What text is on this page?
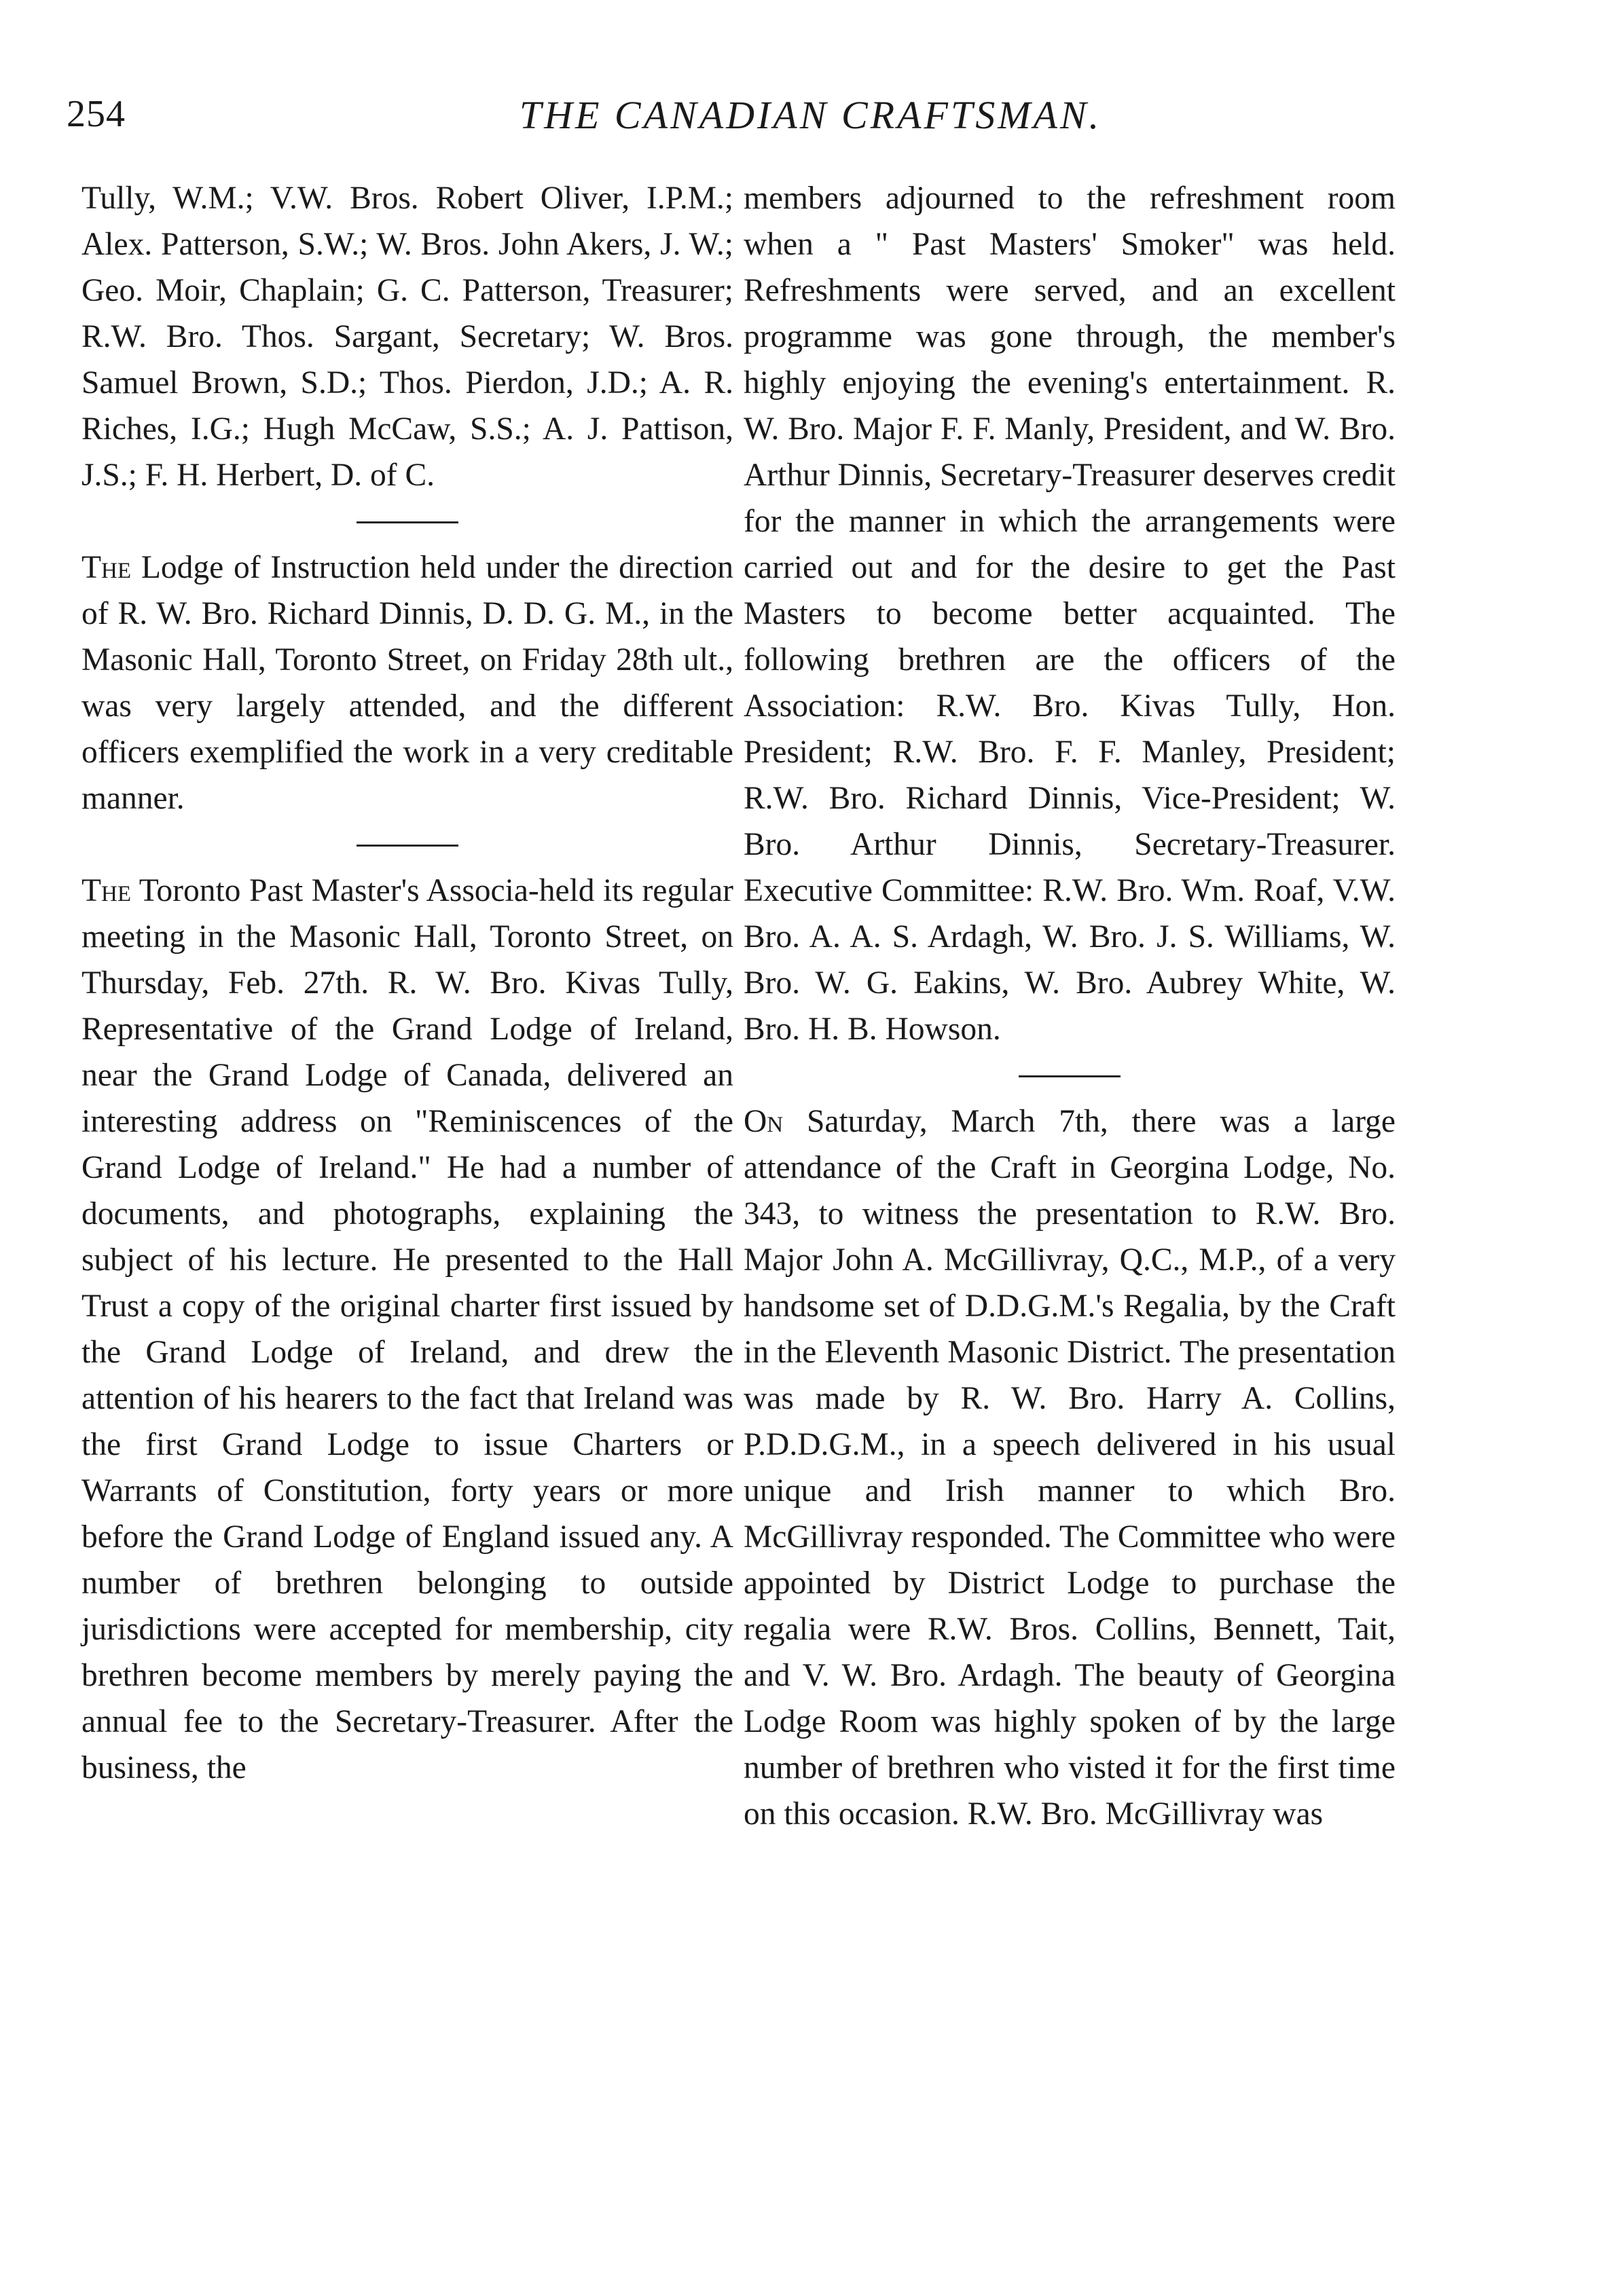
254	THE CANADIAN CRAFTSMAN.

Tully, W.M.; V.W. Bros. Robert Oliver, I.P.M.; Alex. Patterson, S.W.; W. Bros. John Akers, J. W.; Geo. Moir, Chaplain; G. C. Patterson, Treasurer; R.W. Bro. Thos. Sargant, Secretary; W. Bros. Samuel Brown, S.D.; Thos. Pierdon, J.D.; A. R. Riches, I.G.; Hugh McCaw, S.S.; A. J. Pattison, J.S.; F. H. Herbert, D. of C.

The Lodge of Instruction held under the direction of R. W. Bro. Richard Dinnis, D. D. G. M., in the Masonic Hall, Toronto Street, on Friday 28th ult., was very largely attended, and the different officers exemplified the work in a very creditable manner.

The Toronto Past Master's Associa-held its regular meeting in the Masonic Hall, Toronto Street, on Thursday, Feb. 27th. R. W. Bro. Kivas Tully, Representative of the Grand Lodge of Ireland, near the Grand Lodge of Canada, delivered an interesting address on "Reminiscences of the Grand Lodge of Ireland." He had a number of documents, and photographs, explaining the subject of his lecture. He presented to the Hall Trust a copy of the original charter first issued by the Grand Lodge of Ireland, and drew the attention of his hearers to the fact that Ireland was the first Grand Lodge to issue Charters or Warrants of Constitution, forty years or more before the Grand Lodge of England issued any. A number of brethren belonging to outside jurisdictions were accepted for membership, city brethren become members by merely paying the annual fee to the Secretary-Treasurer. After the business, the

members adjourned to the refreshment room when a " Past Masters' Smoker" was held. Refreshments were served, and an excellent programme was gone through, the member's highly enjoying the evening's entertainment. R. W. Bro. Major F. F. Manly, President, and W. Bro. Arthur Dinnis, Secretary-Treasurer deserves credit for the manner in which the arrangements were carried out and for the desire to get the Past Masters to become better acquainted. The following brethren are the officers of the Association: R.W. Bro. Kivas Tully, Hon. President; R.W. Bro. F. F. Manley, President; R.W. Bro. Richard Dinnis, Vice-President; W. Bro. Arthur Dinnis, Secretary-Treasurer. Executive Committee: R.W. Bro. Wm. Roaf, V.W. Bro. A. A. S. Ardagh, W. Bro. J. S. Williams, W. Bro. W. G. Eakins, W. Bro. Aubrey White, W. Bro. H. B. Howson.

On Saturday, March 7th, there was a large attendance of the Craft in Georgina Lodge, No. 343, to witness the presentation to R.W. Bro. Major John A. McGillivray, Q.C., M.P., of a very handsome set of D.D.G.M.'s Regalia, by the Craft in the Eleventh Masonic District. The presentation was made by R. W. Bro. Harry A. Collins, P.D.D.G.M., in a speech delivered in his usual unique and Irish manner to which Bro. McGillivray responded. The Committee who were appointed by District Lodge to purchase the regalia were R.W. Bros. Collins, Bennett, Tait, and V. W. Bro. Ardagh. The beauty of Georgina Lodge Room was highly spoken of by the large number of brethren who visted it for the first time on this occasion. R.W. Bro. McGillivray was
